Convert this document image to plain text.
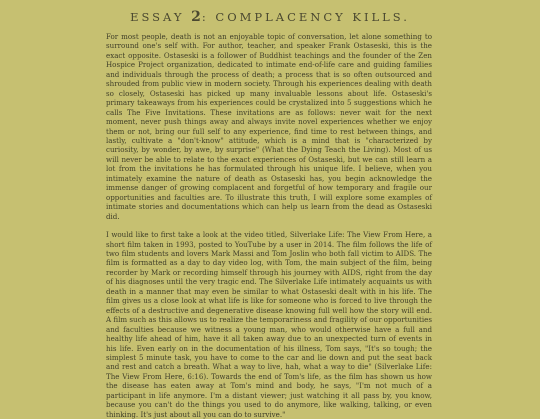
ESSAY 2: COMPLACENCY KILLS.

For most people, death is not an enjoyable topic of conversation, let alone something to surround one's self with. For author, teacher, and speaker Frank Ostaseski, this is the exact opposite. Ostaseski is a follower of Buddhist teachings and the founder of the Zen Hospice Project organization, dedicated to intimate end-of-life care and guiding families and individuals through the process of death; a process that is so often outsourced and shrouded from public view in modern society. Through his experiences dealing with death so closely, Ostaseski has picked up many invaluable lessons about life. Ostaseski's primary takeaways from his experiences could be crystalized into 5 suggestions which he calls The Five Invitations. These invitations are as follows: never wait for the next moment, never push things away and always invite novel experiences whether we enjoy them or not, bring our full self to any experience, find time to rest between things, and lastly, cultivate a "don't-know" attitude, which is a mind that is "characterized by curiosity, by wonder, by awe, by surprise" (What the Dying Teach the Living). Most of us will never be able to relate to the exact experiences of Ostaseski, but we can still learn a lot from the invitations he has formulated through his unique life. I believe, when you intimately examine the nature of death as Ostaseski has, you begin acknowledge the immense danger of growing complacent and forgetful of how temporary and fragile our opportunities and faculties are. To illustrate this truth, I will explore some examples of intimate stories and documentations which can help us learn from the dead as Ostaseski did.

I would like to first take a look at the video titled, Silverlake Life: The View From Here, a short film taken in 1993, posted to YouTube by a user in 2014. The film follows the life of two film students and lovers Mark Massi and Tom Joslin who both fall victim to AIDS. The film is formatted as a day to day video log, with Tom, the main subject of the film, being recorder by Mark or recording himself through his journey with AIDS, right from the day of his diagnoses until the very tragic end. The Silverlake Life intimately acquaints us with death in a manner that may even be similar to what Ostaseski dealt with in his life. The film gives us a close look at what life is like for someone who is forced to live through the effects of a destructive and degenerative disease knowing full well how the story will end. A film such as this allows us to realize the temporariness and fragility of our opportunities and faculties because we witness a young man, who would otherwise have a full and healthy life ahead of him, have it all taken away due to an unexpected turn of events in his life. Even early on in the documentation of his illness, Tom says, "It's so tough; the simplest 5 minute task, you have to come to the car and lie down and put the seat back and rest and catch a breath. What a way to live, hah, what a way to die" (Silverlake Life: The View From Here, 6:16). Towards the end of Tom's life, as the film has shown us how the disease has eaten away at Tom's mind and body, he says, "I'm not much of a participant in life anymore. I'm a distant viewer; just watching it all pass by, you know, because you can't do the things you used to do anymore, like walking, talking, or even thinking. It's just about all you can do to survive."
